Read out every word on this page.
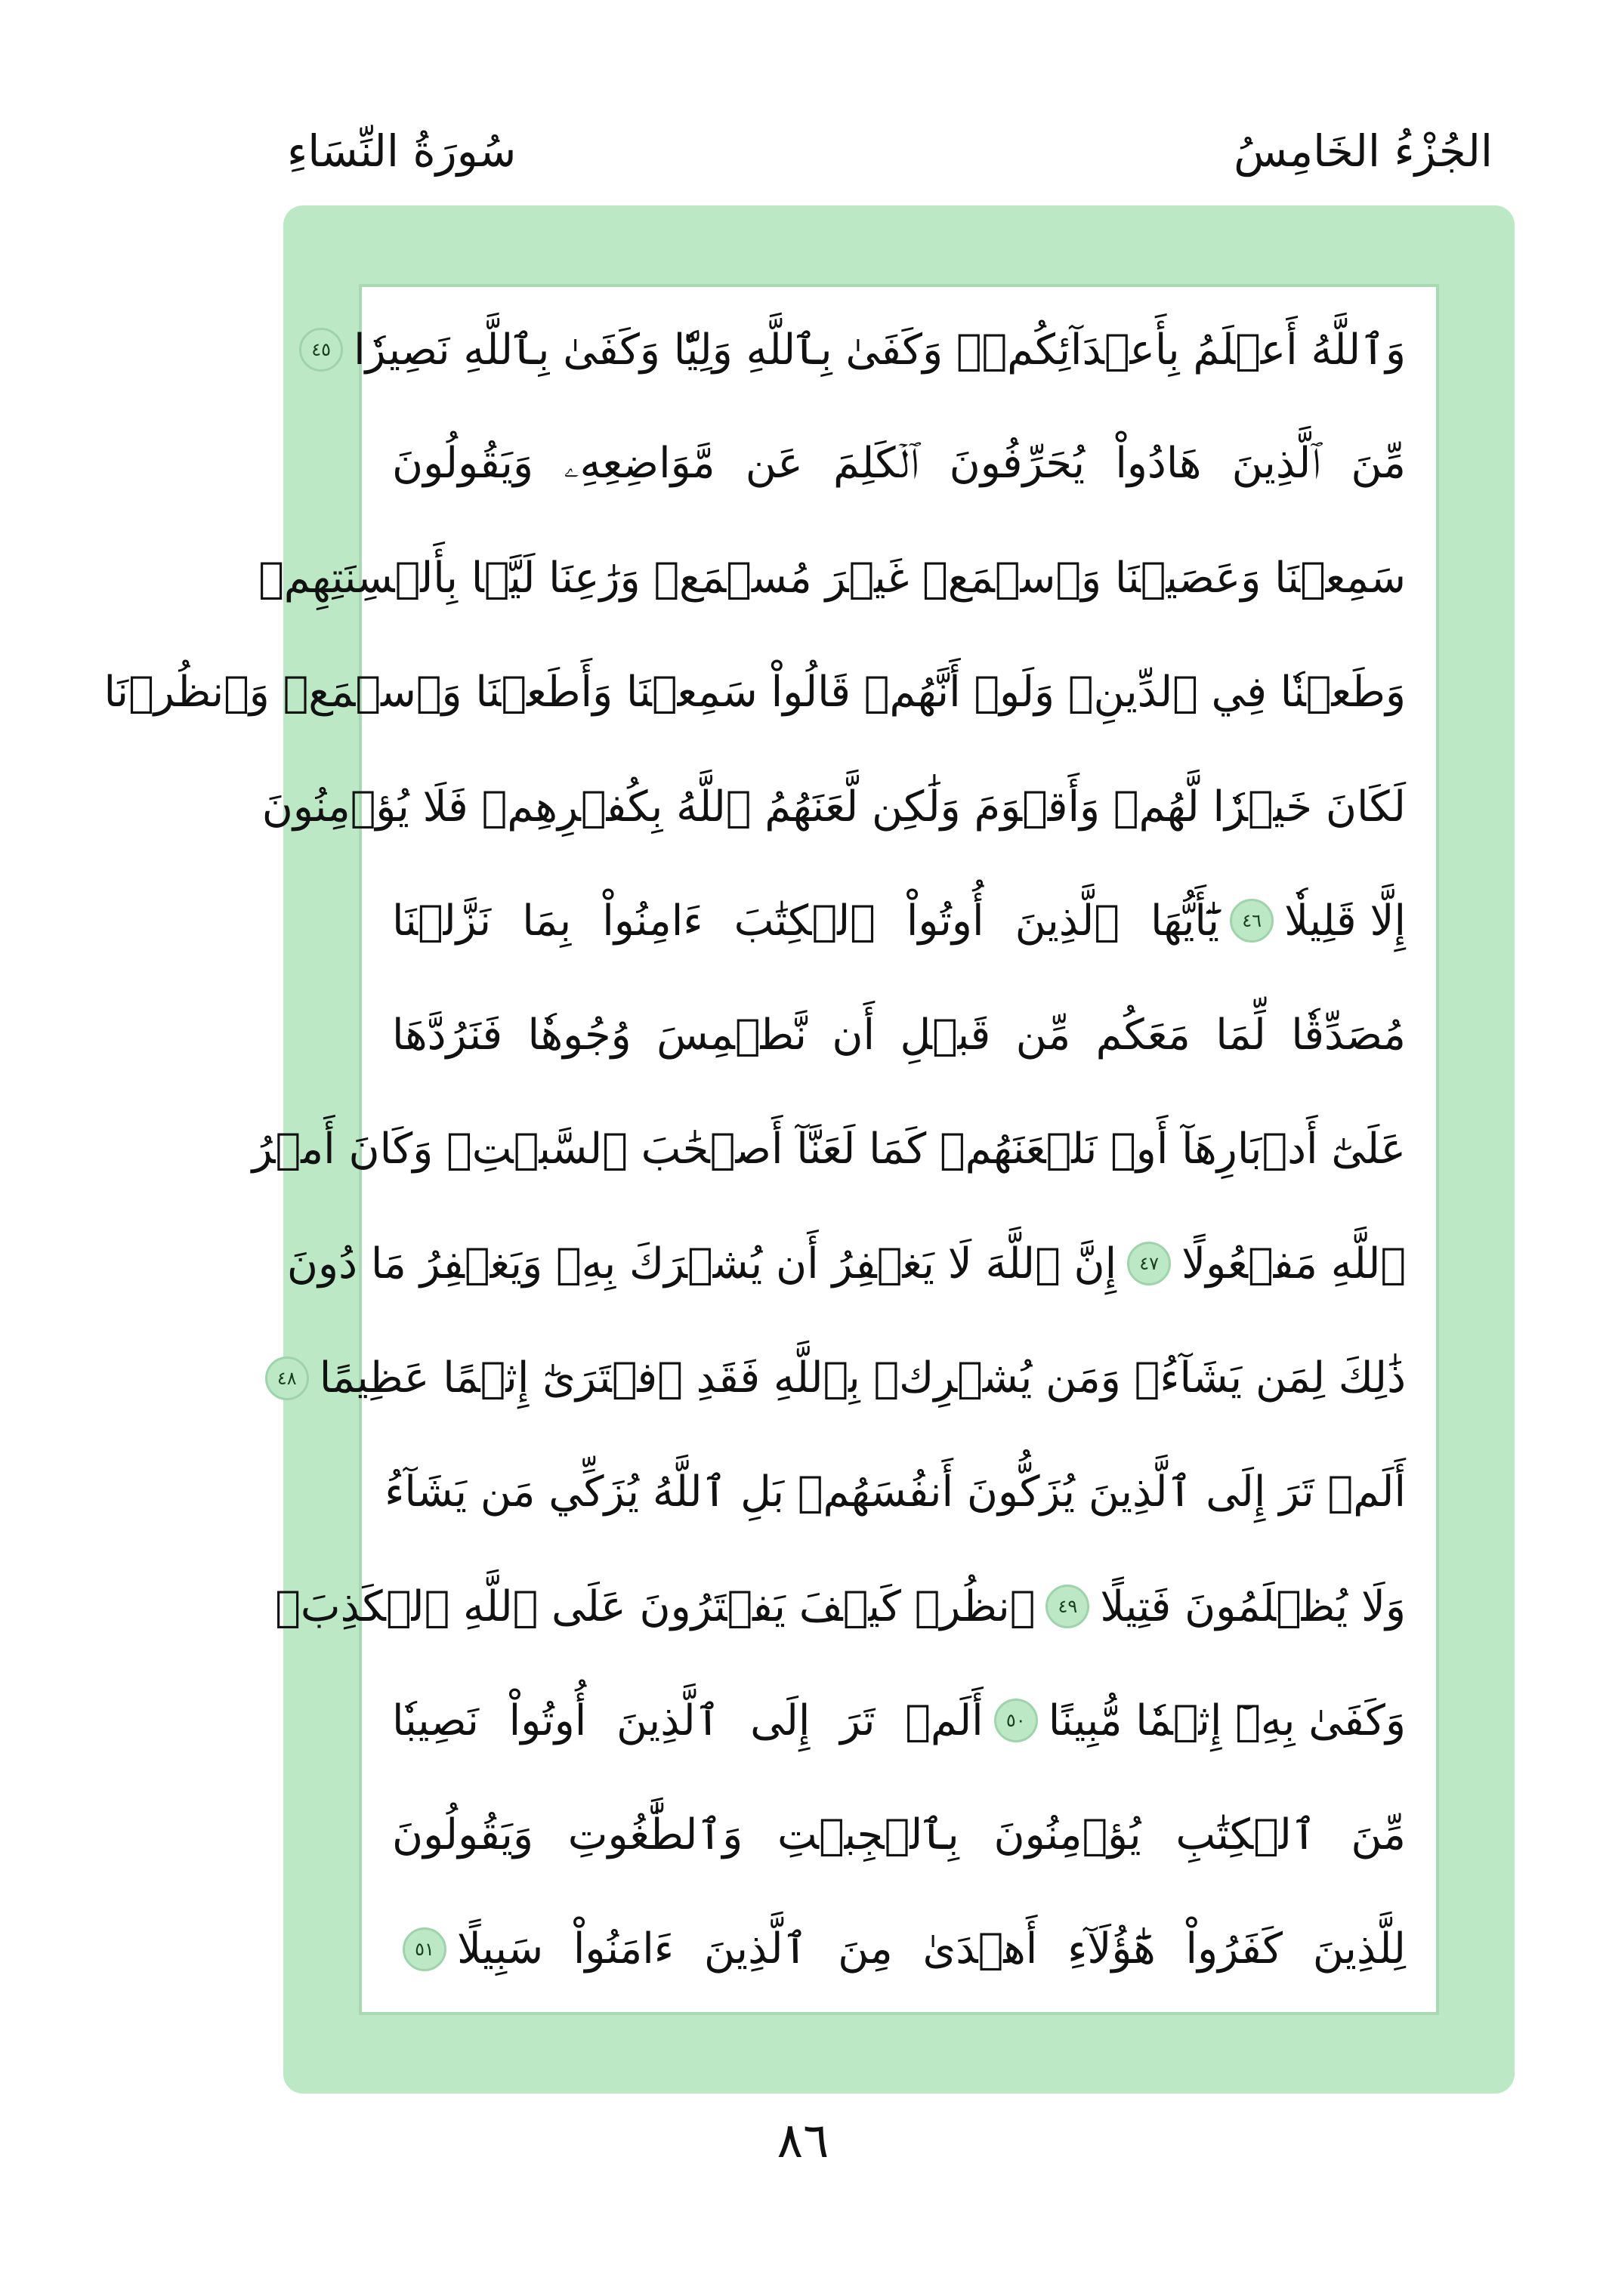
الجُزْءُ الخَامِسُ
سُورَةُ النِّسَاءِ
وَٱللَّهُ أَعۡلَمُ بِأَعۡدَآئِكُمۡۚ وَكَفَىٰ بِٱللَّهِ وَلِيّٗا وَكَفَىٰ بِٱللَّهِ نَصِيرٗا
٤٥
مِّنَ ٱلَّذِينَ هَادُواْ يُحَرِّفُونَ ٱلۡكَلِمَ عَن مَّوَاضِعِهِۦ وَيَقُولُونَ
سَمِعۡنَا وَعَصَيۡنَا وَٱسۡمَعۡ غَيۡرَ مُسۡمَعٖ وَرَٰعِنَا لَيَّۢا بِأَلۡسِنَتِهِمۡ
وَطَعۡنٗا فِي ٱلدِّينِۚ وَلَوۡ أَنَّهُمۡ قَالُواْ سَمِعۡنَا وَأَطَعۡنَا وَٱسۡمَعۡ وَٱنظُرۡنَا
لَكَانَ خَيۡرٗا لَّهُمۡ وَأَقۡوَمَ وَلَٰكِن لَّعَنَهُمُ ٱللَّهُ بِكُفۡرِهِمۡ فَلَا يُؤۡمِنُونَ
إِلَّا قَلِيلٗا
٤٦
يَٰٓأَيُّهَا ٱلَّذِينَ أُوتُواْ ٱلۡكِتَٰبَ ءَامِنُواْ بِمَا نَزَّلۡنَا
مُصَدِّقٗا لِّمَا مَعَكُم مِّن قَبۡلِ أَن نَّطۡمِسَ وُجُوهٗا فَنَرُدَّهَا
عَلَىٰٓ أَدۡبَارِهَآ أَوۡ نَلۡعَنَهُمۡ كَمَا لَعَنَّآ أَصۡحَٰبَ ٱلسَّبۡتِۚ وَكَانَ أَمۡرُ
ٱللَّهِ مَفۡعُولًا
٤٧
إِنَّ ٱللَّهَ لَا يَغۡفِرُ أَن يُشۡرَكَ بِهِۦ وَيَغۡفِرُ مَا دُونَ
ذَٰلِكَ لِمَن يَشَآءُۚ وَمَن يُشۡرِكۡ بِٱللَّهِ فَقَدِ ٱفۡتَرَىٰٓ إِثۡمًا عَظِيمًا
٤٨
أَلَمۡ تَرَ إِلَى ٱلَّذِينَ يُزَكُّونَ أَنفُسَهُمۚ بَلِ ٱللَّهُ يُزَكِّي مَن يَشَآءُ
وَلَا يُظۡلَمُونَ فَتِيلًا
٤٩
ٱنظُرۡ كَيۡفَ يَفۡتَرُونَ عَلَى ٱللَّهِ ٱلۡكَذِبَۖ
وَكَفَىٰ بِهِۦٓ إِثۡمٗا مُّبِينًا
٥٠
أَلَمۡ تَرَ إِلَى ٱلَّذِينَ أُوتُواْ نَصِيبٗا
مِّنَ ٱلۡكِتَٰبِ يُؤۡمِنُونَ بِٱلۡجِبۡتِ وَٱلطَّٰغُوتِ وَيَقُولُونَ
لِلَّذِينَ كَفَرُواْ هَٰٓؤُلَآءِ أَهۡدَىٰ مِنَ ٱلَّذِينَ ءَامَنُواْ سَبِيلًا
٥١
٨٦
